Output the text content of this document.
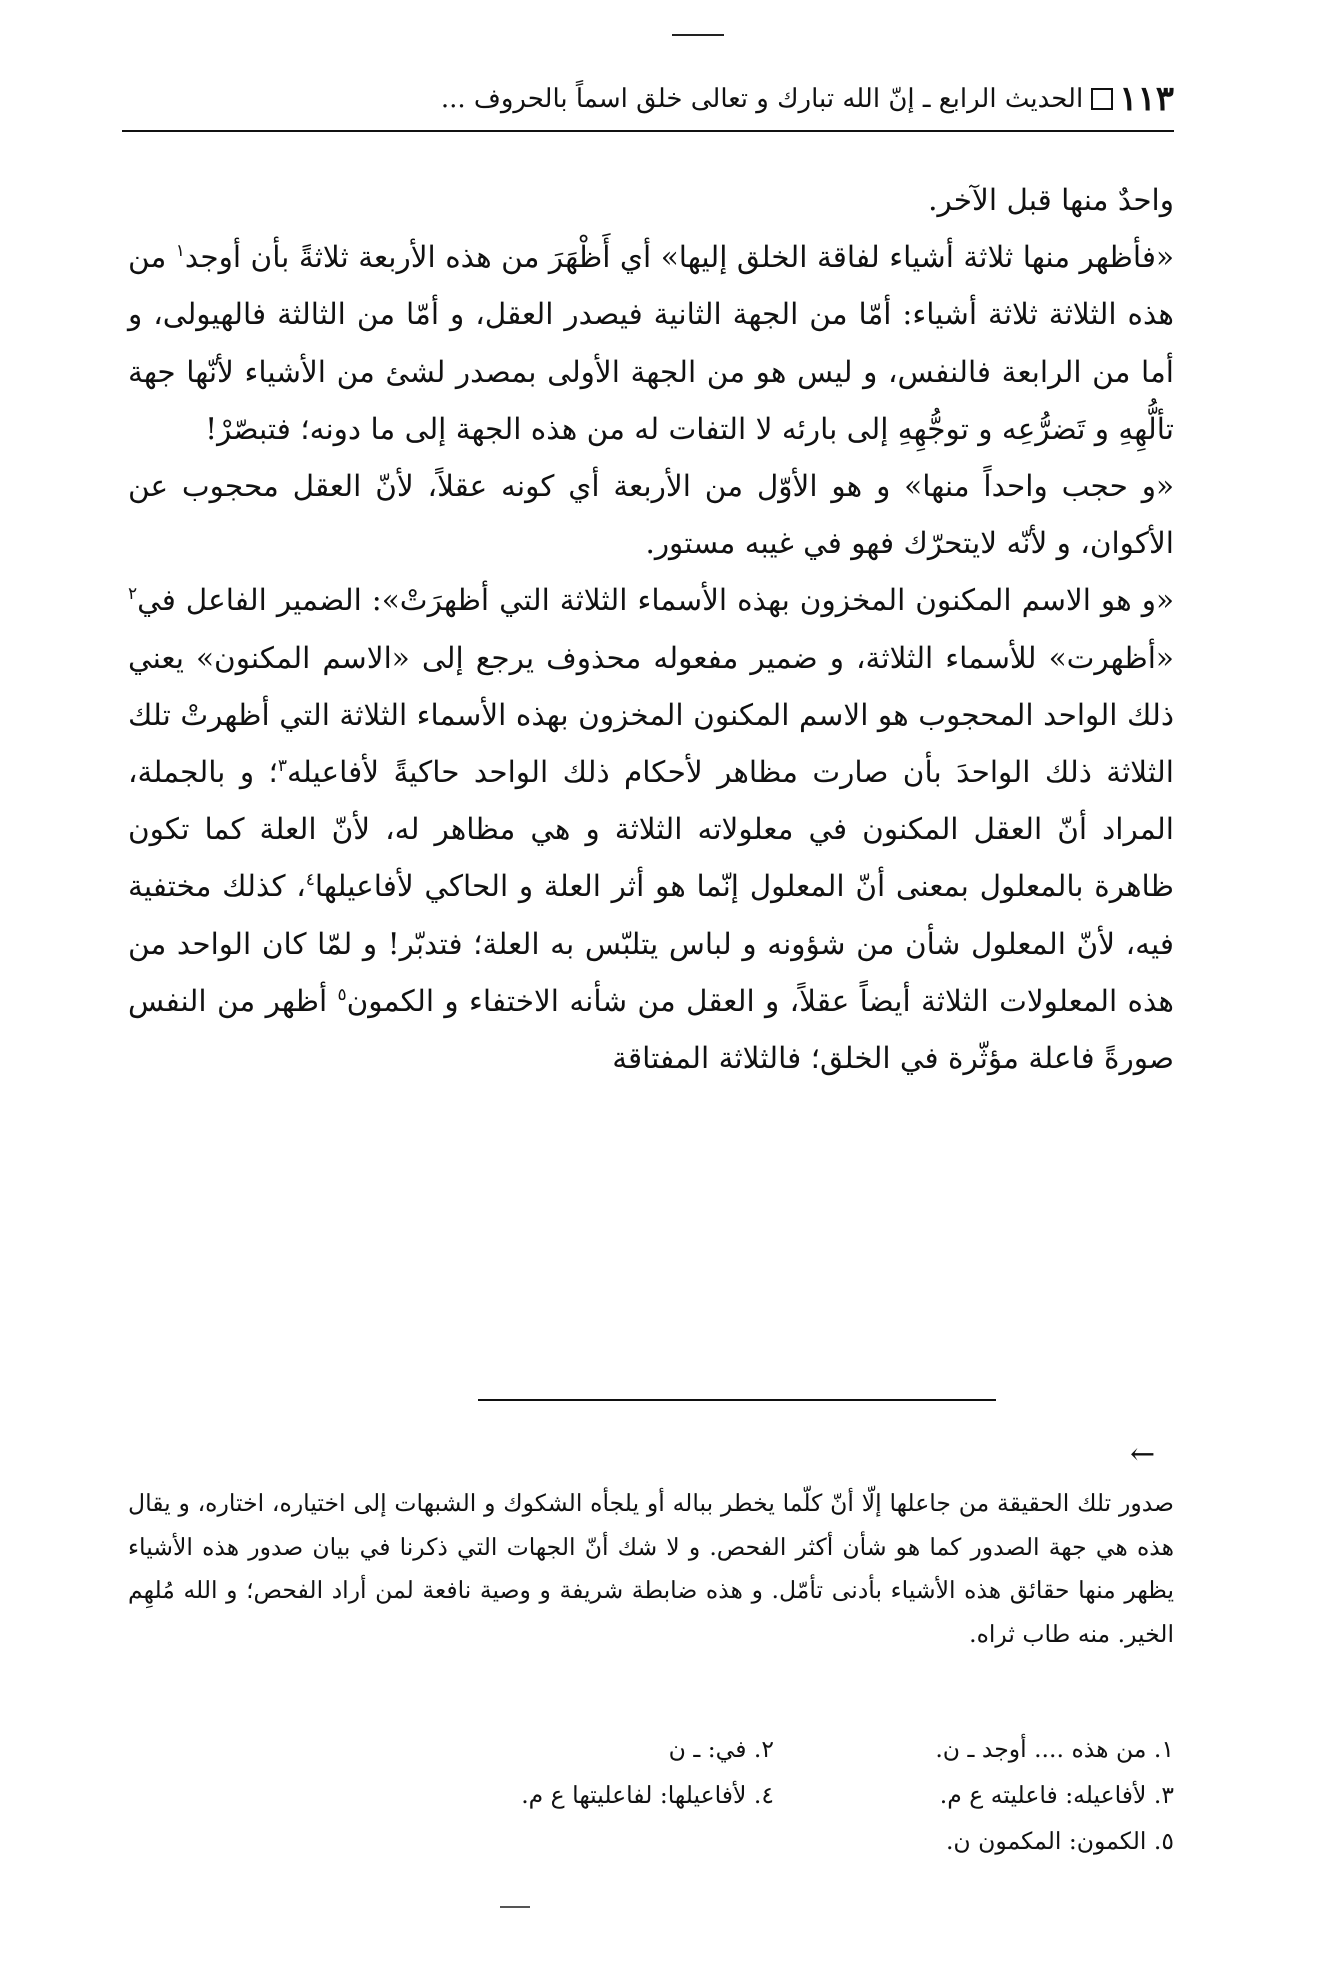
١١٣
الحديث الرابع ـ إنّ الله تبارك و تعالى خلق اسماً بالحروف ...

واحدٌ منها قبل الآخر.

«فأظهر منها ثلاثة أشياء لفاقة الخلق إليها» أي أَظْهَرَ من هذه الأربعة ثلاثةً بأن أوجد$^١$ من هذه الثلاثة ثلاثة أشياء: أمّا من الجهة الثانية فيصدر العقل، و أمّا من الثالثة فالهيولى، و أما من الرابعة فالنفس، و ليس هو من الجهة الأولى بمصدر لشئ من الأشياء لأنّها جهة تألُّهِهِ و تَضرُّعِه و توجُّهِهِ إلى بارئه لا التفات له من هذه الجهة إلى ما دونه؛ فتبصّرْ!

«و حجب واحداً منها» و هو الأوّل من الأربعة أي كونه عقلاً، لأنّ العقل محجوب عن الأكوان، و لأنّه لايتحرّك فهو في غيبه مستور.

«و هو الاسم المكنون المخزون بهذه الأسماء الثلاثة التي أظهرَتْ»: الضمير الفاعل في$^٢$ «أظهرت» للأسماء الثلاثة، و ضمير مفعوله محذوف يرجع إلى «الاسم المكنون» يعني ذلك الواحد المحجوب هو الاسم المكنون المخزون بهذه الأسماء الثلاثة التي أظهرتْ تلك الثلاثة ذلك الواحدَ بأن صارت مظاهر لأحكام ذلك الواحد حاكيةً لأفاعيله$^٣$؛ و بالجملة، المراد أنّ العقل المكنون في معلولاته الثلاثة و هي مظاهر له، لأنّ العلة كما تكون ظاهرة بالمعلول بمعنى أنّ المعلول إنّما هو أثر العلة و الحاكي لأفاعيلها$^٤$، كذلك مختفية فيه، لأنّ المعلول شأن من شؤونه و لباس يتلبّس به العلة؛ فتدبّر! و لمّا كان الواحد من هذه المعلولات الثلاثة أيضاً عقلاً، و العقل من شأنه الاختفاء و الكمون$^٥$ أظهر من النفس صورةً فاعلة مؤثّرة في الخلق؛ فالثلاثة المفتاقة

←

صدور تلك الحقيقة من جاعلها إلّا أنّ كلّما يخطر بباله أو يلجأه الشكوك و الشبهات إلى اختياره، اختاره، و يقال هذه هي جهة الصدور كما هو شأن أكثر الفحص. و لا شك أنّ الجهات التي ذكرنا في بيان صدور هذه الأشياء يظهر منها حقائق هذه الأشياء بأدنى تأمّل. و هذه ضابطة شريفة و وصية نافعة لمن أراد الفحص؛ و الله مُلهِم الخير. منه طاب ثراه.

١. من هذه .... أوجد ـ ن.
٢. في: ـ ن
٣. لأفاعيله: فاعليته ع م.
٤. لأفاعيلها: لفاعليتها ع م.
٥. الكمون: المكمون ن.
